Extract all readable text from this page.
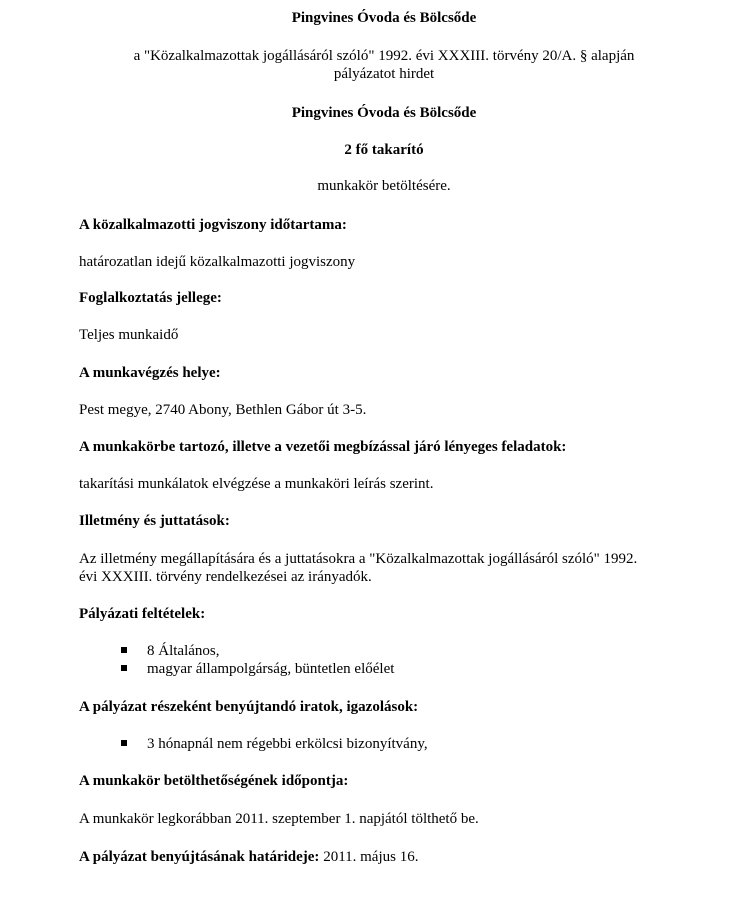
Pingvines Óvoda és Bölcsőde
a "Közalkalmazottak jogállásáról szóló" 1992. évi XXXIII. törvény 20/A. § alapján
pályázatot hirdet
Pingvines Óvoda és Bölcsőde
2 fő takarító
munkakör betöltésére.
A közalkalmazotti jogviszony időtartama:
határozatlan idejű közalkalmazotti jogviszony
Foglalkoztatás jellege:
Teljes munkaidő
A munkavégzés helye:
Pest megye, 2740 Abony, Bethlen Gábor út 3-5.
A munkakörbe tartozó, illetve a vezetői megbízással járó lényeges feladatok:
takarítási munkálatok elvégzése a munkaköri leírás szerint.
Illetmény és juttatások:
Az illetmény megállapítására és a juttatásokra a "Közalkalmazottak jogállásáról szóló" 1992.
évi XXXIII. törvény rendelkezései az irányadók.
Pályázati feltételek:
8 Általános,
magyar állampolgárság, büntetlen előélet
A pályázat részeként benyújtandó iratok, igazolások:
3 hónapnál nem régebbi erkölcsi bizonyítvány,
A munkakör betölthetőségének időpontja:
A munkakör legkorábban 2011. szeptember 1. napjától tölthető be.
A pályázat benyújtásának határideje: 2011. május 16.
